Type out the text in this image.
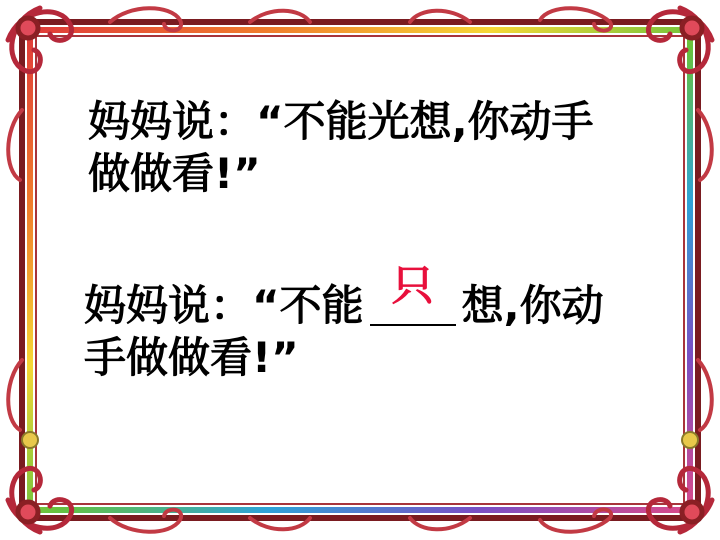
妈妈说：“不能光想,你动手
做做看!”
妈妈说：“不能 只 想,你动
手做做看!”
